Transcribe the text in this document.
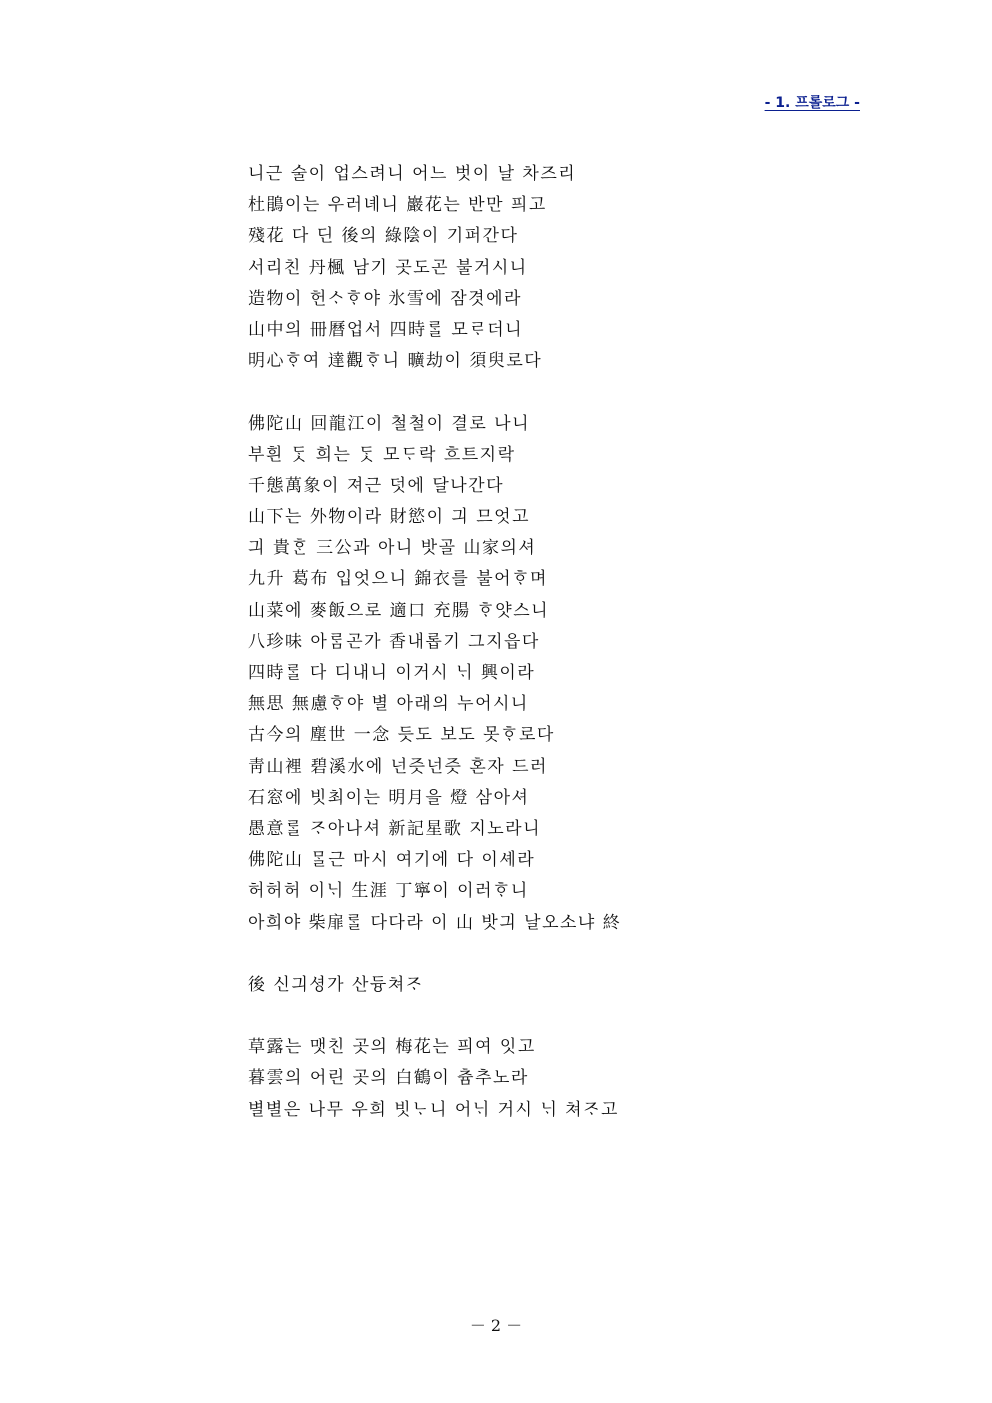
- 1. 프롤로그 -
니근 술이 업스려니 어느 벗이 날 차즈리
杜鵑이는 우러녜니 巖花는 반만 픠고
殘花 다 딘 後의 綠陰이 기퍼간다
서리친 丹楓 남기 곳도곤 불거시니
造物이 헌ᄉᆞᄒᆞ야 氷雪에 잠겻에라
山中의 冊曆업서 四時ᄅᆞᆯ 모ᄅᆞ더니
明心ᄒᆞ여 達觀ᄒᆞ니 曠劫이 須臾로다
佛陀山 回龍江이 철철이 결로 나니
부흰 ᄃᆞᆺ 희는 ᄃᆞᆺ 모ᄃᆞ락 흐트지락
千態萬象이 져근 덧에 달나간다
山下는 外物이라 財慾이 긔 므엇고
긔 貴ᄒᆞᆫ 三公과 아니 밧골 山家의셔
九升 葛布 입엇으니 錦衣를 불어ᄒᆞ며
山菜에 麥飯으로 適口 充腸 ᄒᆞ얏스니
八珍味 아ᄅᆞᆷ곤가 香내롭기 그지읍다
四時ᄅᆞᆯ 다 디내니 이거시 ᄂᆡ 興이라
無思 無慮ᄒᆞ야 별 아래의 누어시니
古今의 塵世 一念 듯도 보도 못ᄒᆞ로다
靑山裡 碧溪水에 넌즛넌즛 혼자 드러
石窓에 빗최이는 明月을 燈 삼아셔
愚意ᄅᆞᆯ ᄌᆞ아나셔 新記星歌 지노라니
佛陀山 ᄆᆞᆯ근 마시 여기에 다 이셰라
허허허 이ᄂᆡ 生涯 丁寧이 이러ᄒᆞ니
아희야 柴扉ᄅᆞᆯ 다다라 이 山 밧긔 날오소냐 終
後 신긔셩가 산듕쳐ᄌᆞ
草露는 맷친 곳의 梅花는 픠여 잇고
暮雲의 어린 곳의 白鶴이 츔추노라
별별은 나무 우희 빗ᄂᆞ니 어ᄂᆡ 거시 ᄂᆡ 쳐ᄌᆞ고
－ 2 －
